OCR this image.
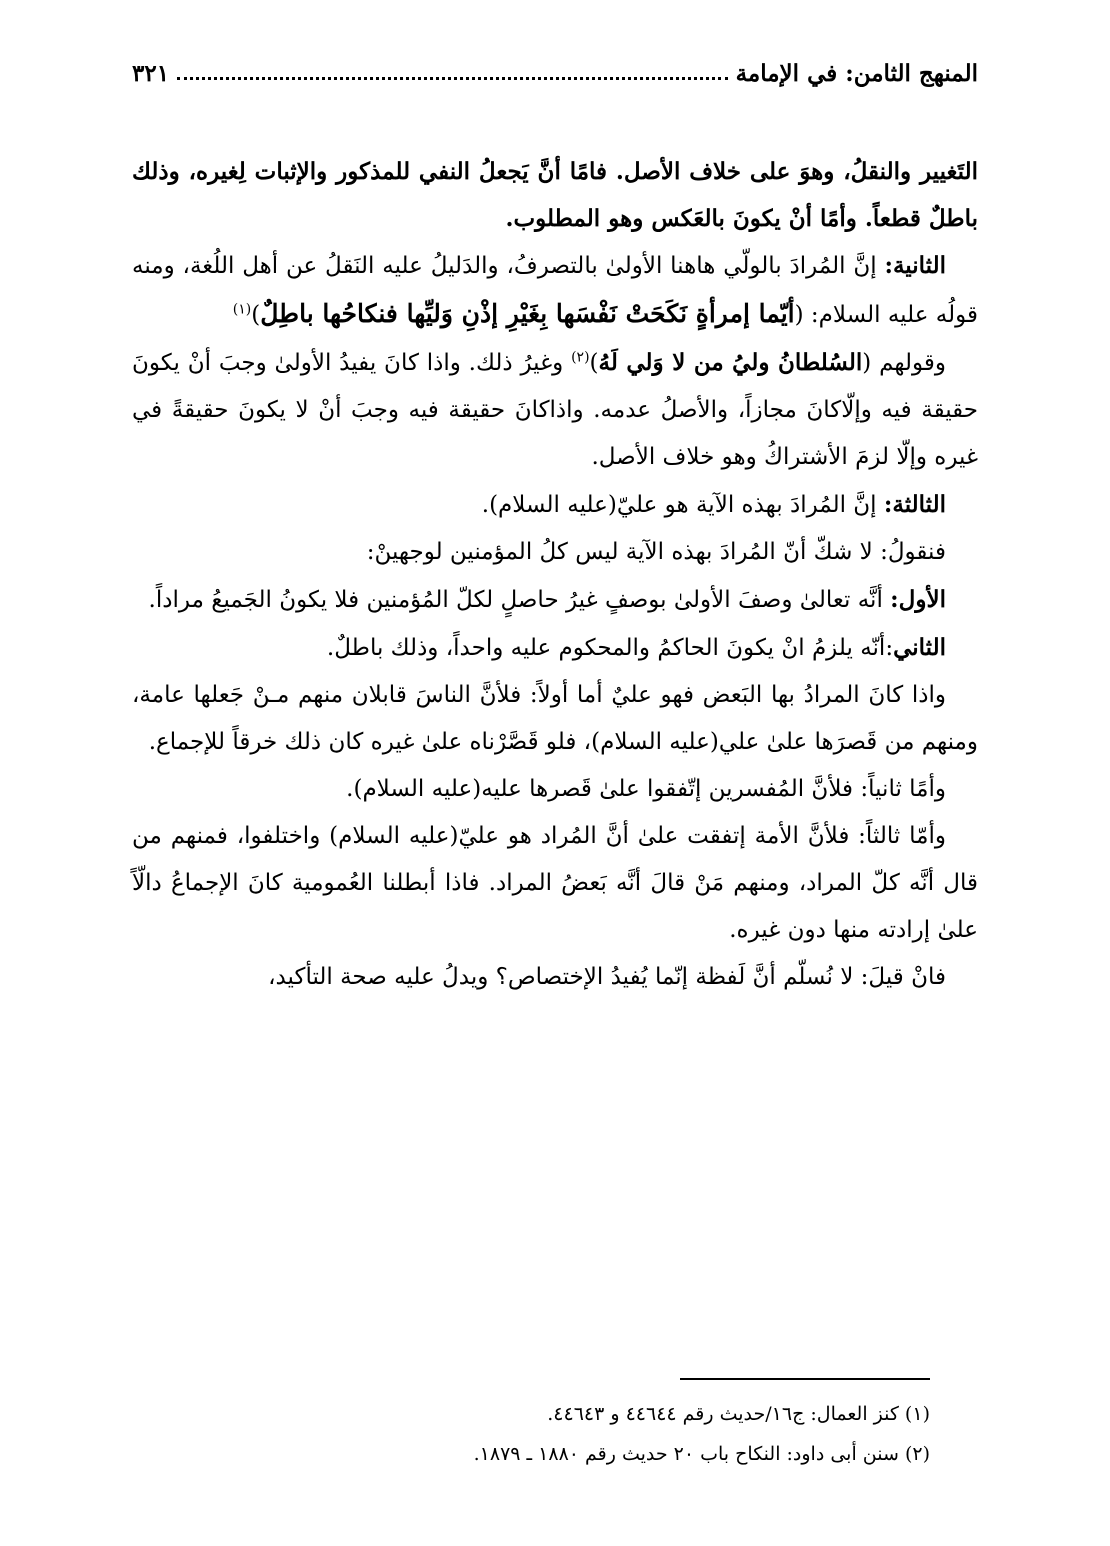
المنهج الثامن: في الإمامة
٣٢١

التَغيير والنقلُ، وهوَ على خلاف الأصل. فامًا أنَّ يَجعلُ النفي للمذكور والإثبات لِغيره، وذلك باطلٌ قطعاً. وأمًا أنْ يكونَ بالعَكس وهو المطلوب.

الثانية: إنَّ المُرادَ بالولّي هاهنا الأولىٰ بالتصرفُ، والدَليلُ عليه النَقلُ عن أهل اللُغة، ومنه قولُه عليه السلام: (أيّما إمرأةٍ نَكَحَتْ نَفْسَها بِغَيْرِ إذْنِ وَليِّها فنكاحُها باطِلٌ)$^{(١)}$

وقولهم (السُلطانُ وليُ من لا وَلي لَهُ)$^{(٢)}$ وغيرُ ذلك. واذا كانَ يفيدُ الأولىٰ وجبَ أنْ يكونَ حقيقة فيه وإلّاكانَ مجازاً، والأصلُ عدمه. واذاكانَ حقيقة فيه وجبَ أنْ لا يكونَ حقيقةً في غيره وإلّا لزمَ الأشتراكُ وهو خلاف الأصل.

الثالثة: إنَّ المُرادَ بهذه الآية هو عليّ(عليه السلام).

فنقولُ: لا شكّ أنّ المُرادَ بهذه الآية ليس كلُ المؤمنين لوجهينْ:

الأول: أنَّه تعالىٰ وصفَ الأولىٰ بوصفٍ غيرُ حاصلٍ لكلّ المُؤمنين فلا يكونُ الجَميعُ مراداً.

الثاني:أنّه يلزمُ انْ يكونَ الحاكمُ والمحكوم عليه واحداً، وذلك باطلٌ.

واذا كانَ المرادُ بها البَعض فهو عليٌ أما أولاً: فلأنَّ الناسَ قابلان منهم مـنْ جَعلها عامة، ومنهم من قَصرَها علىٰ علي(عليه السلام)، فلو قَصَّرْناه علىٰ غيره كان ذلك خرقاً للإجماع.

وأمًا ثانياً: فلأنَّ المُفسرين إتّفقوا علىٰ قَصرها عليه(عليه السلام).

وأمّا ثالثاً: فلأنَّ الأمة إتفقت علىٰ أنَّ المُراد هو عليّ(عليه السلام) واختلفوا، فمنهم من قال أنَّه كلّ المراد، ومنهم مَنْ قالَ أنَّه بَعضُ المراد. فاذا أبطلنا العُمومية كانَ الإجماعُ دالّاً علىٰ إرادته منها دون غيره.

فانْ قيلَ: لا نُسلّم أنَّ لَفظة إنّما يُفيدُ الإختصاص؟ ويدلُ عليه صحة التأكيد،

(١) كنز العمال: ج١٦/حديث رقم ٤٤٦٤٤ و ٤٤٦٤٣.
(٢) سنن أبى داود: النكاح باب ٢٠ حديث رقم ١٨٨٠ ـ ١٨٧٩.
